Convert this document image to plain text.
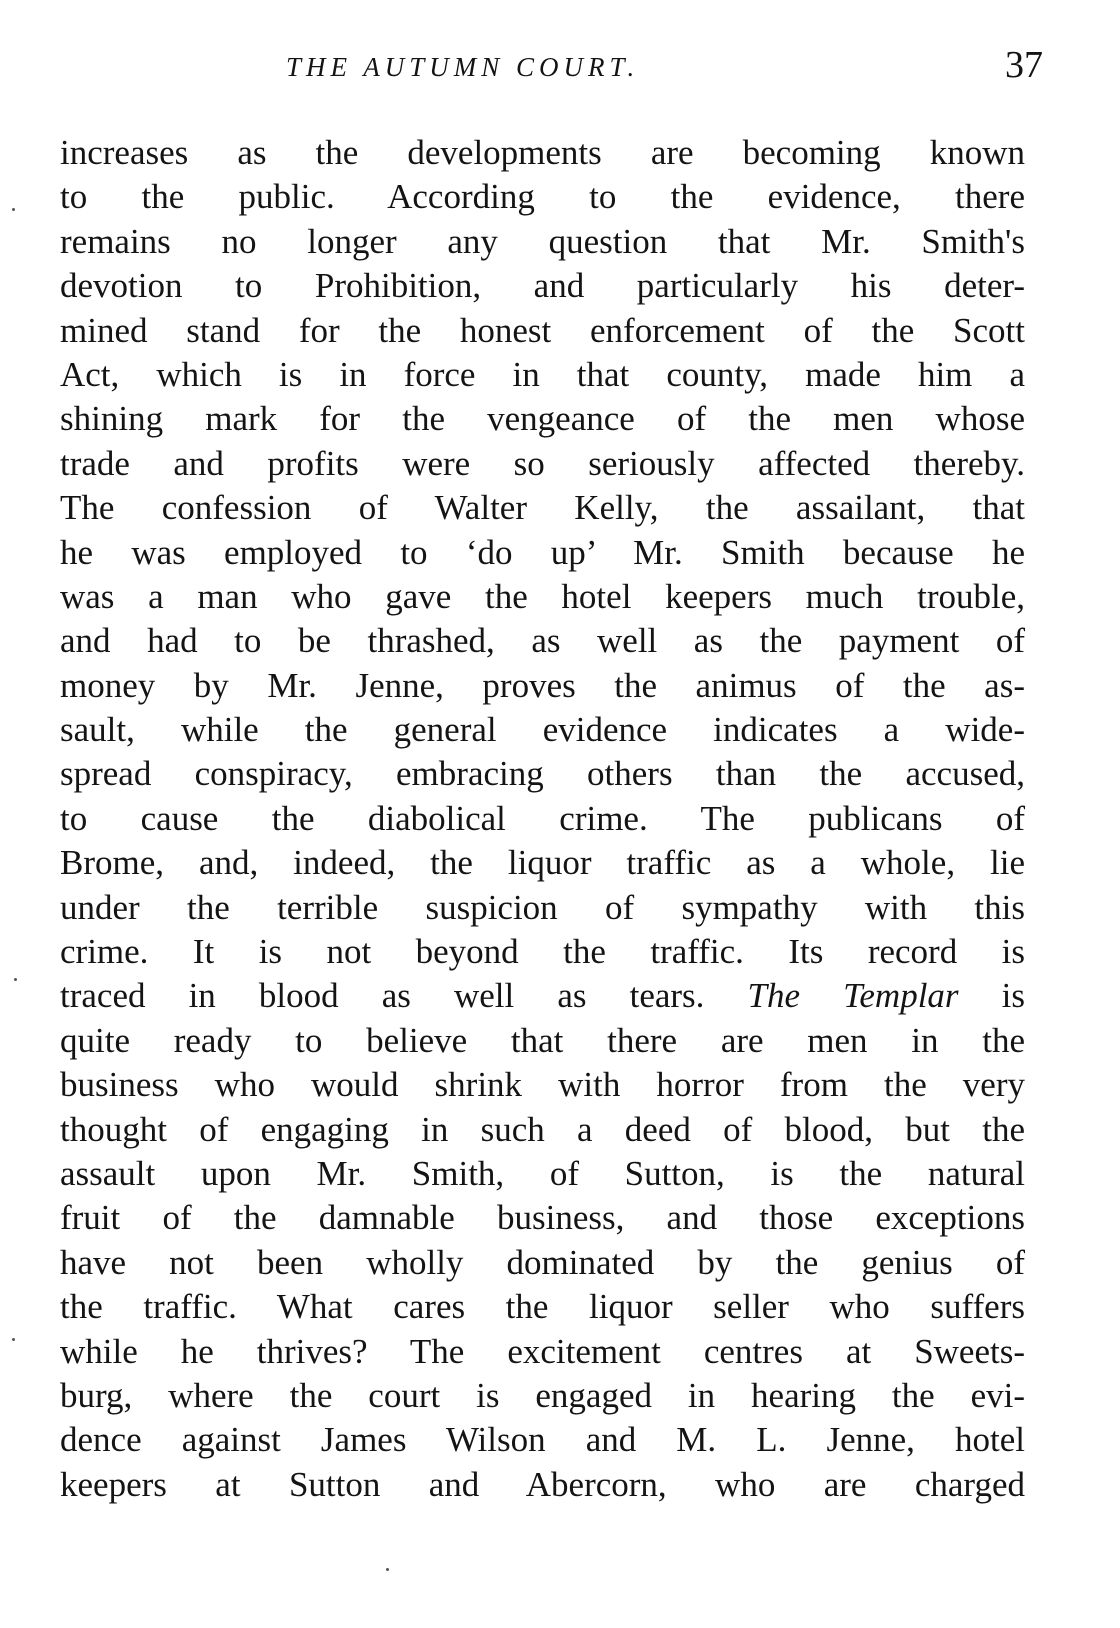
THE AUTUMN COURT.	37
increases as the developments are becoming known
to the public. According to the evidence, there
remains no longer any question that Mr. Smith's
devotion to Prohibition, and particularly his deter-
mined stand for the honest enforcement of the Scott
Act, which is in force in that county, made him a
shining mark for the vengeance of the men whose
trade and profits were so seriously affected thereby.
The confession of Walter Kelly, the assailant, that
he was employed to ‘do up’ Mr. Smith because he
was a man who gave the hotel keepers much trouble,
and had to be thrashed, as well as the payment of
money by Mr. Jenne, proves the animus of the as-
sault, while the general evidence indicates a wide-
spread conspiracy, embracing others than the accused,
to cause the diabolical crime. The publicans of
Brome, and, indeed, the liquor traffic as a whole, lie
under the terrible suspicion of sympathy with this
crime. It is not beyond the traffic. Its record is
traced in blood as well as tears. The Templar is
quite ready to believe that there are men in the
business who would shrink with horror from the very
thought of engaging in such a deed of blood, but the
assault upon Mr. Smith, of Sutton, is the natural
fruit of the damnable business, and those exceptions
have not been wholly dominated by the genius of
the traffic. What cares the liquor seller who suffers
while he thrives? The excitement centres at Sweets-
burg, where the court is engaged in hearing the evi-
dence against James Wilson and M. L. Jenne, hotel
keepers at Sutton and Abercorn, who are charged
